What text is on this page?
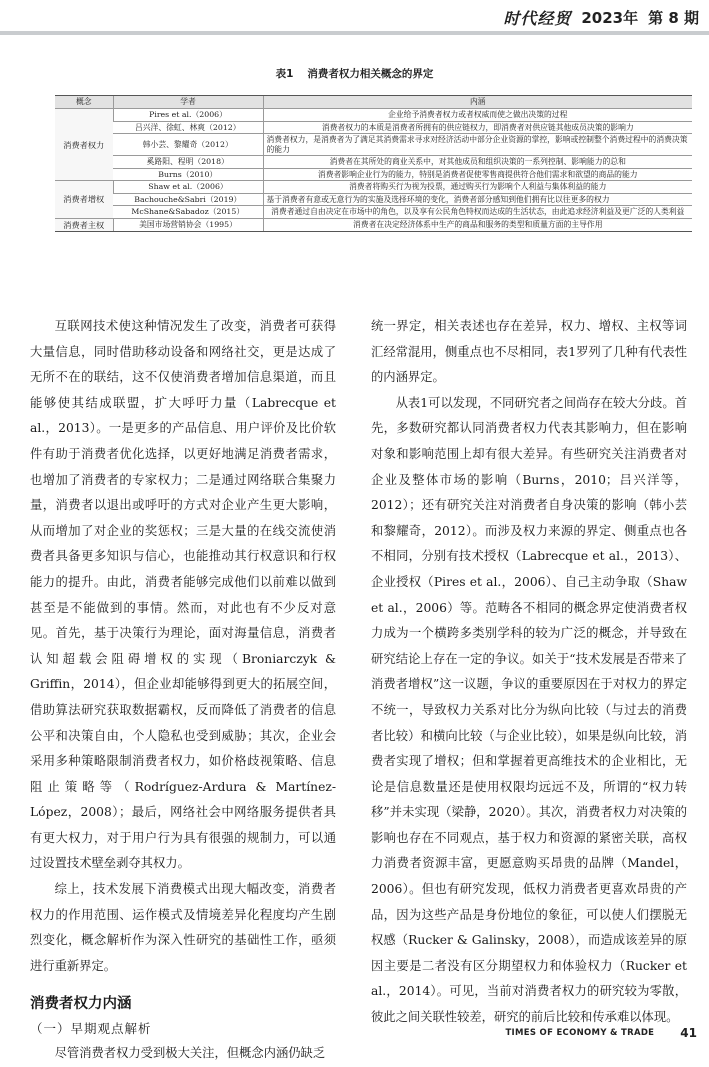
时代经贸 2023年 第 8 期
表1 消费者权力相关概念的界定
概念	学者	内涵
消费者权力	Pires et al.（2006）	企业给予消费者权力或者权威而使之做出决策的过程
	吕兴洋、徐虹、林爽（2012）	消费者权力的本质是消费者所拥有的供应链权力，即消费者对供应链其他成员决策的影响力
	韩小芸、黎耀奇（2012）	消费者权力，是消费者为了满足其消费需求寻求对经济活动中部分企业资源的掌控，影响或控制整个消费过程中的消费决策的能力
	奚路阳、程明（2018）	消费者在其所处的商业关系中，对其他成员和组织决策的一系列控制、影响能力的总和
	Burns（2010）	消费者影响企业行为的能力，特别是消费者促使零售商提供符合他们需求和欲望的商品的能力
消费者增权	Shaw et al.（2006）	消费者将购买行为视为投票，通过购买行为影响个人利益与集体利益的能力
	Bachouche&Sabri（2019）	基于消费者有意或无意行为的实施及选择环境的变化，消费者部分感知到他们拥有比以往更多的权力
	McShane&Sabadoz（2015）	消费者通过自由决定在市场中的角色，以及享有公民角色特权而达成的生活状态，由此追求经济利益及更广泛的人类利益
消费者主权	美国市场营销协会（1995）	消费者在决定经济体系中生产的商品和服务的类型和质量方面的主导作用

互联网技术使这种情况发生了改变，消费者可获得大量信息，同时借助移动设备和网络社交，更是达成了无所不在的联结，这不仅使消费者增加信息渠道，而且能够使其结成联盟，扩大呼吁力量（Labrecque et al.，2013）。一是更多的产品信息、用户评价及比价软件有助于消费者优化选择，以更好地满足消费者需求，也增加了消费者的专家权力；二是通过网络联合集聚力量，消费者以退出或呼吁的方式对企业产生更大影响，从而增加了对企业的奖惩权；三是大量的在线交流使消费者具备更多知识与信心，也能推动其行权意识和行权能力的提升。由此，消费者能够完成他们以前难以做到甚至是不能做到的事情。然而，对此也有不少反对意见。首先，基于决策行为理论，面对海量信息，消费者认知超载会阻碍增权的实现（Broniarczyk & Griffin，2014），但企业却能够得到更大的拓展空间，借助算法研究获取数据霸权，反而降低了消费者的信息公平和决策自由，个人隐私也受到威胁；其次，企业会采用多种策略限制消费者权力，如价格歧视策略、信息阻止策略等（Rodríguez-Ardura & Martínez-López，2008）；最后，网络社会中网络服务提供者具有更大权力，对于用户行为具有很强的规制力，可以通过设置技术壁垒剥夺其权力。

综上，技术发展下消费模式出现大幅改变，消费者权力的作用范围、运作模式及情境差异化程度均产生剧烈变化，概念解析作为深入性研究的基础性工作，亟须进行重新界定。

消费者权力内涵
（一）早期观点解析

尽管消费者权力受到极大关注，但概念内涵仍缺乏

统一界定，相关表述也存在差异，权力、增权、主权等词汇经常混用，侧重点也不尽相同，表1罗列了几种有代表性的内涵界定。

从表1可以发现，不同研究者之间尚存在较大分歧。首先，多数研究都认同消费者权力代表其影响力，但在影响对象和影响范围上却有很大差异。有些研究关注消费者对企业及整体市场的影响（Burns，2010；吕兴洋等，2012）；还有研究关注对消费者自身决策的影响（韩小芸和黎耀奇，2012）。而涉及权力来源的界定、侧重点也各不相同，分别有技术授权（Labrecque et al.，2013）、企业授权（Pires et al.，2006）、自己主动争取（Shaw et al.，2006）等。范畴各不相同的概念界定使消费者权力成为一个横跨多类别学科的较为广泛的概念，并导致在研究结论上存在一定的争议。如关于“技术发展是否带来了消费者增权”这一议题，争议的重要原因在于对权力的界定不统一，导致权力关系对比分为纵向比较（与过去的消费者比较）和横向比较（与企业比较），如果是纵向比较，消费者实现了增权；但和掌握着更高维技术的企业相比，无论是信息数量还是使用权限均远远不及，所谓的“权力转移”并未实现（梁静，2020）。其次，消费者权力对决策的影响也存在不同观点，基于权力和资源的紧密关联，高权力消费者资源丰富，更愿意购买昂贵的品牌（Mandel，2006）。但也有研究发现，低权力消费者更喜欢昂贵的产品，因为这些产品是身份地位的象征，可以使人们摆脱无权感（Rucker & Galinsky，2008），而造成该差异的原因主要是二者没有区分期望权力和体验权力（Rucker et al.，2014）。可见，当前对消费者权力的研究较为零散，彼此之间关联性较差，研究的前后比较和传承难以体现。

TIMES OF ECONOMY & TRADE 41
